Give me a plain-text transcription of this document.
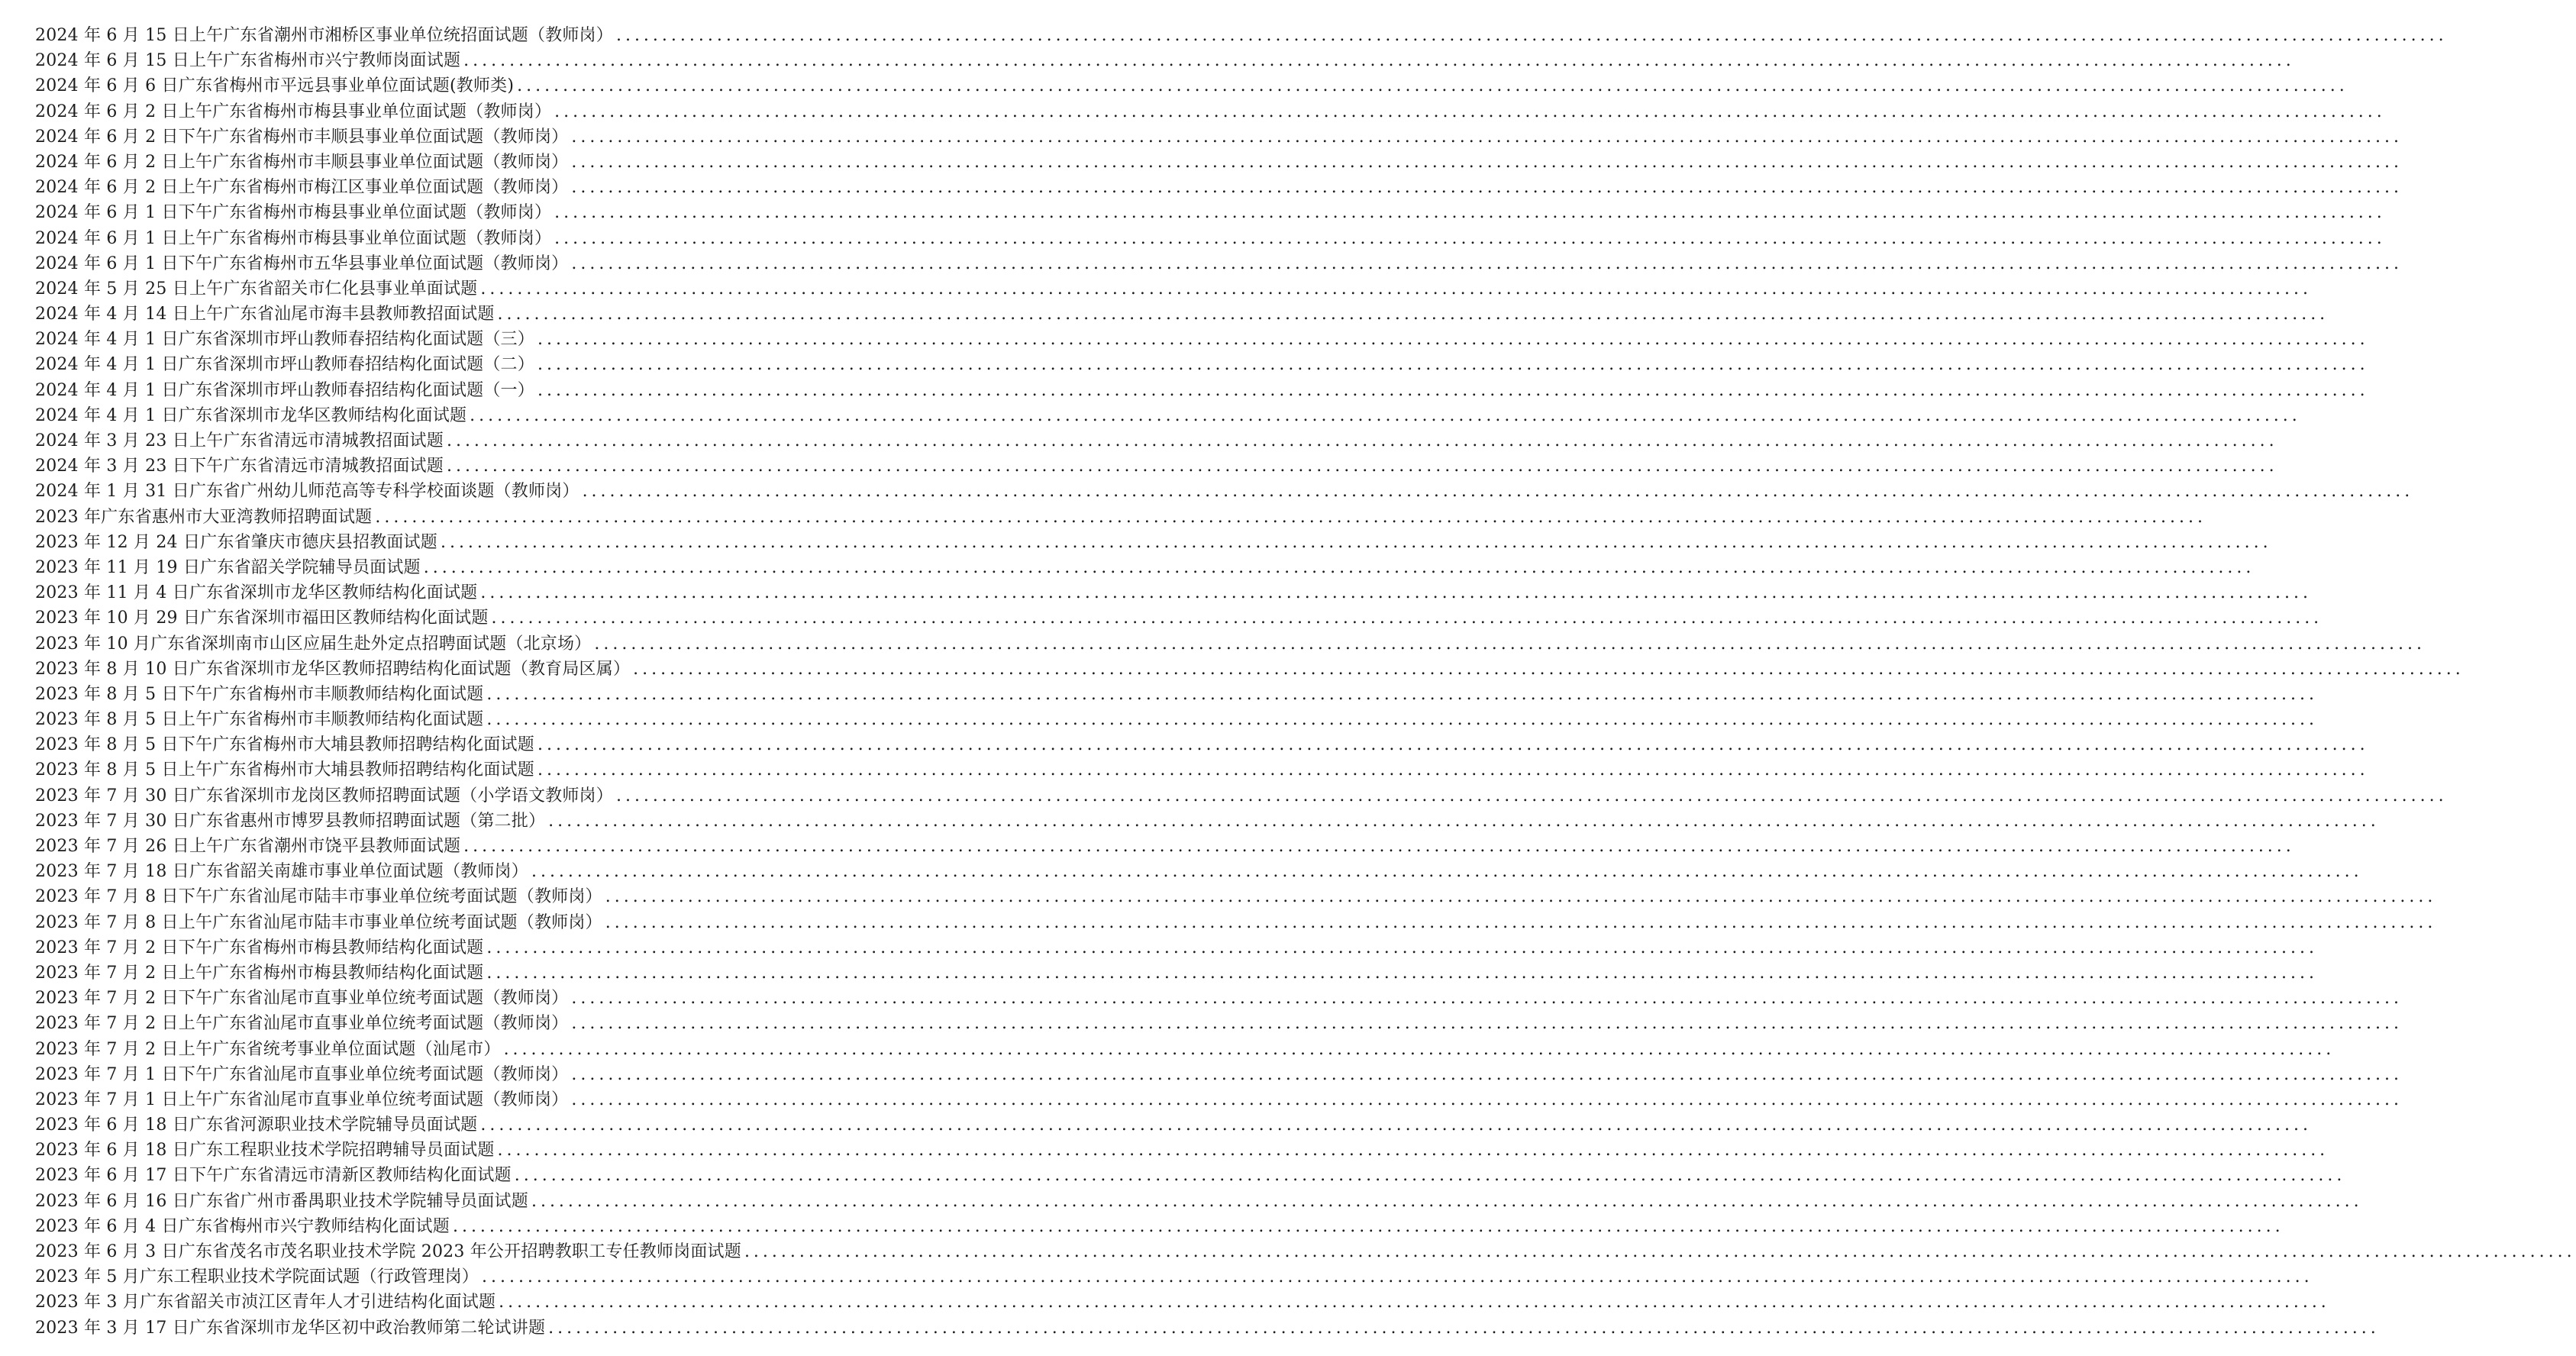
2024 年 6 月 15 日上午广东省潮州市湘桥区事业单位统招面试题（教师岗） ........................................................................................................................................................................................................
2024 年 6 月 15 日上午广东省梅州市兴宁教师岗面试题 ........................................................................................................................................................................................................
2024 年 6 月 6 日广东省梅州市平远县事业单位面试题(教师类) ........................................................................................................................................................................................................
2024 年 6 月 2 日上午广东省梅州市梅县事业单位面试题（教师岗） ........................................................................................................................................................................................................
2024 年 6 月 2 日下午广东省梅州市丰顺县事业单位面试题（教师岗） ........................................................................................................................................................................................................
2024 年 6 月 2 日上午广东省梅州市丰顺县事业单位面试题（教师岗） ........................................................................................................................................................................................................
2024 年 6 月 2 日上午广东省梅州市梅江区事业单位面试题（教师岗） ........................................................................................................................................................................................................
2024 年 6 月 1 日下午广东省梅州市梅县事业单位面试题（教师岗） ........................................................................................................................................................................................................
2024 年 6 月 1 日上午广东省梅州市梅县事业单位面试题（教师岗） ........................................................................................................................................................................................................
2024 年 6 月 1 日下午广东省梅州市五华县事业单位面试题（教师岗） ........................................................................................................................................................................................................
2024 年 5 月 25 日上午广东省韶关市仁化县事业单面试题 ........................................................................................................................................................................................................
2024 年 4 月 14 日上午广东省汕尾市海丰县教师教招面试题 ........................................................................................................................................................................................................
2024 年 4 月 1 日广东省深圳市坪山教师春招结构化面试题（三） ........................................................................................................................................................................................................
2024 年 4 月 1 日广东省深圳市坪山教师春招结构化面试题（二） ........................................................................................................................................................................................................
2024 年 4 月 1 日广东省深圳市坪山教师春招结构化面试题（一） ........................................................................................................................................................................................................
2024 年 4 月 1 日广东省深圳市龙华区教师结构化面试题 ........................................................................................................................................................................................................
2024 年 3 月 23 日上午广东省清远市清城教招面试题 ........................................................................................................................................................................................................
2024 年 3 月 23 日下午广东省清远市清城教招面试题 ........................................................................................................................................................................................................
2024 年 1 月 31 日广东省广州幼儿师范高等专科学校面谈题（教师岗） ........................................................................................................................................................................................................
2023 年广东省惠州市大亚湾教师招聘面试题 ........................................................................................................................................................................................................
2023 年 12 月 24 日广东省肇庆市德庆县招教面试题 ........................................................................................................................................................................................................
2023 年 11 月 19 日广东省韶关学院辅导员面试题 ........................................................................................................................................................................................................
2023 年 11 月 4 日广东省深圳市龙华区教师结构化面试题 ........................................................................................................................................................................................................
2023 年 10 月 29 日广东省深圳市福田区教师结构化面试题 ........................................................................................................................................................................................................
2023 年 10 月广东省深圳南市山区应届生赴外定点招聘面试题（北京场） ........................................................................................................................................................................................................
2023 年 8 月 10 日广东省深圳市龙华区教师招聘结构化面试题（教育局区属） ........................................................................................................................................................................................................
2023 年 8 月 5 日下午广东省梅州市丰顺教师结构化面试题 ........................................................................................................................................................................................................
2023 年 8 月 5 日上午广东省梅州市丰顺教师结构化面试题 ........................................................................................................................................................................................................
2023 年 8 月 5 日下午广东省梅州市大埔县教师招聘结构化面试题 ........................................................................................................................................................................................................
2023 年 8 月 5 日上午广东省梅州市大埔县教师招聘结构化面试题 ........................................................................................................................................................................................................
2023 年 7 月 30 日广东省深圳市龙岗区教师招聘面试题（小学语文教师岗） ........................................................................................................................................................................................................
2023 年 7 月 30 日广东省惠州市博罗县教师招聘面试题（第二批） ........................................................................................................................................................................................................
2023 年 7 月 26 日上午广东省潮州市饶平县教师面试题 ........................................................................................................................................................................................................
2023 年 7 月 18 日广东省韶关南雄市事业单位面试题（教师岗） ........................................................................................................................................................................................................
2023 年 7 月 8 日下午广东省汕尾市陆丰市事业单位统考面试题（教师岗） ........................................................................................................................................................................................................
2023 年 7 月 8 日上午广东省汕尾市陆丰市事业单位统考面试题（教师岗） ........................................................................................................................................................................................................
2023 年 7 月 2 日下午广东省梅州市梅县教师结构化面试题 ........................................................................................................................................................................................................
2023 年 7 月 2 日上午广东省梅州市梅县教师结构化面试题 ........................................................................................................................................................................................................
2023 年 7 月 2 日下午广东省汕尾市直事业单位统考面试题（教师岗） ........................................................................................................................................................................................................
2023 年 7 月 2 日上午广东省汕尾市直事业单位统考面试题（教师岗） ........................................................................................................................................................................................................
2023 年 7 月 2 日上午广东省统考事业单位面试题（汕尾市） ........................................................................................................................................................................................................
2023 年 7 月 1 日下午广东省汕尾市直事业单位统考面试题（教师岗） ........................................................................................................................................................................................................
2023 年 7 月 1 日上午广东省汕尾市直事业单位统考面试题（教师岗） ........................................................................................................................................................................................................
2023 年 6 月 18 日广东省河源职业技术学院辅导员面试题 ........................................................................................................................................................................................................
2023 年 6 月 18 日广东工程职业技术学院招聘辅导员面试题 ........................................................................................................................................................................................................
2023 年 6 月 17 日下午广东省清远市清新区教师结构化面试题 ........................................................................................................................................................................................................
2023 年 6 月 16 日广东省广州市番禺职业技术学院辅导员面试题 ........................................................................................................................................................................................................
2023 年 6 月 4 日广东省梅州市兴宁教师结构化面试题 ........................................................................................................................................................................................................
2023 年 6 月 3 日广东省茂名市茂名职业技术学院 2023 年公开招聘教职工专任教师岗面试题 ........................................................................................................................................................................................................
2023 年 5 月广东工程职业技术学院面试题（行政管理岗） ........................................................................................................................................................................................................
2023 年 3 月广东省韶关市浈江区青年人才引进结构化面试题 ........................................................................................................................................................................................................
2023 年 3 月 17 日广东省深圳市龙华区初中政治教师第二轮试讲题 ........................................................................................................................................................................................................
